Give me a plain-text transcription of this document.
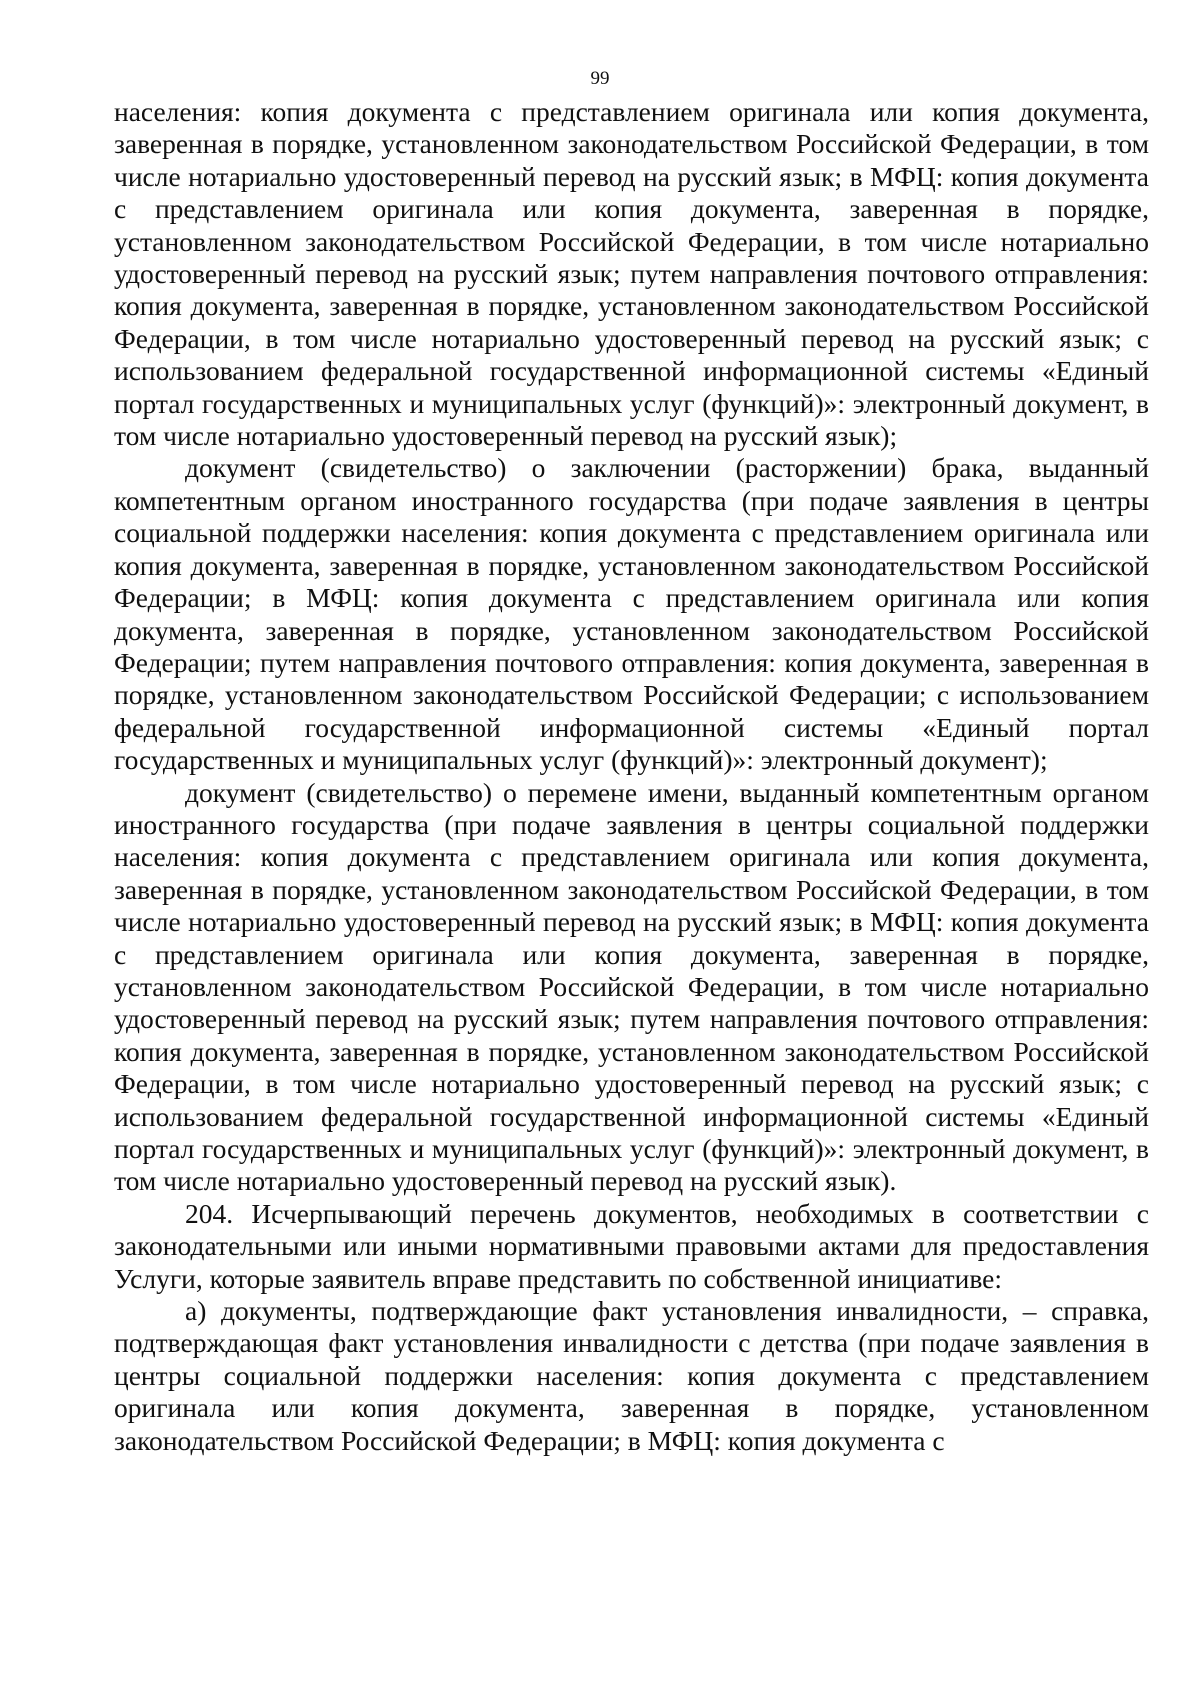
99

населения: копия документа с представлением оригинала или копия документа, заверенная в порядке, установленном законодательством Российской Федерации, в том числе нотариально удостоверенный перевод на русский язык; в МФЦ: копия документа с представлением оригинала или копия документа, заверенная в порядке, установленном законодательством Российской Федерации, в том числе нотариально удостоверенный перевод на русский язык; путем направления почтового отправления: копия документа, заверенная в порядке, установленном законодательством Российской Федерации, в том числе нотариально удостоверенный перевод на русский язык; с использованием федеральной государственной информационной системы «Единый портал государственных и муниципальных услуг (функций)»: электронный документ, в том числе нотариально удостоверенный перевод на русский язык);

документ (свидетельство) о заключении (расторжении) брака, выданный компетентным органом иностранного государства (при подаче заявления в центры социальной поддержки населения: копия документа с представлением оригинала или копия документа, заверенная в порядке, установленном законодательством Российской Федерации; в МФЦ: копия документа с представлением оригинала или копия документа, заверенная в порядке, установленном законодательством Российской Федерации; путем направления почтового отправления: копия документа, заверенная в порядке, установленном законодательством Российской Федерации; с использованием федеральной государственной информационной системы «Единый портал государственных и муниципальных услуг (функций)»: электронный документ);

документ (свидетельство) о перемене имени, выданный компетентным органом иностранного государства (при подаче заявления в центры социальной поддержки населения: копия документа с представлением оригинала или копия документа, заверенная в порядке, установленном законодательством Российской Федерации, в том числе нотариально удостоверенный перевод на русский язык; в МФЦ: копия документа с представлением оригинала или копия документа, заверенная в порядке, установленном законодательством Российской Федерации, в том числе нотариально удостоверенный перевод на русский язык; путем направления почтового отправления: копия документа, заверенная в порядке, установленном законодательством Российской Федерации, в том числе нотариально удостоверенный перевод на русский язык; с использованием федеральной государственной информационной системы «Единый портал государственных и муниципальных услуг (функций)»: электронный документ, в том числе нотариально удостоверенный перевод на русский язык).

204. Исчерпывающий перечень документов, необходимых в соответствии с законодательными или иными нормативными правовыми актами для предоставления Услуги, которые заявитель вправе представить по собственной инициативе:

а) документы, подтверждающие факт установления инвалидности, – справка, подтверждающая факт установления инвалидности с детства (при подаче заявления в центры социальной поддержки населения: копия документа с представлением оригинала или копия документа, заверенная в порядке, установленном законодательством Российской Федерации; в МФЦ: копия документа с
